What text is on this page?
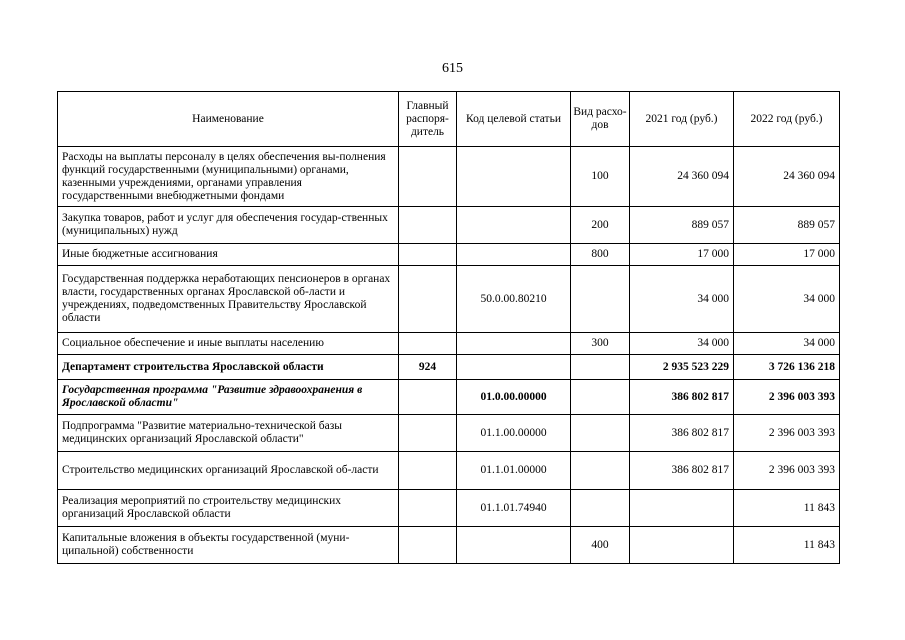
615
Наименование	Главный распоря-дитель	Код целевой статьи	Вид расхо-дов	2021 год (руб.)	2022 год (руб.)
Расходы на выплаты персоналу в целях обеспечения вы-полнения функций государственными (муниципальными) органами, казенными учреждениями, органами управления государственными внебюджетными фондами			100	24 360 094	24 360 094
Закупка товаров, работ и услуг для обеспечения государ-ственных (муниципальных) нужд			200	889 057	889 057
Иные бюджетные ассигнования			800	17 000	17 000
Государственная поддержка неработающих пенсионеров в органах власти, государственных органах Ярославской об-ласти и учреждениях, подведомственных Правительству Ярославской области		50.0.00.80210		34 000	34 000
Социальное обеспечение и иные выплаты населению			300	34 000	34 000
Департамент строительства Ярославской области	924			2 935 523 229	3 726 136 218
Государственная программа "Развитие здравоохранения в Ярославской области"		01.0.00.00000		386 802 817	2 396 003 393
Подпрограмма "Развитие материально-технической базы медицинских организаций Ярославской области"		01.1.00.00000		386 802 817	2 396 003 393
Строительство медицинских организаций Ярославской об-ласти		01.1.01.00000		386 802 817	2 396 003 393
Реализация мероприятий по строительству медицинских организаций Ярославской области		01.1.01.74940			11 843
Капитальные вложения в объекты государственной (муни-ципальной) собственности			400		11 843
